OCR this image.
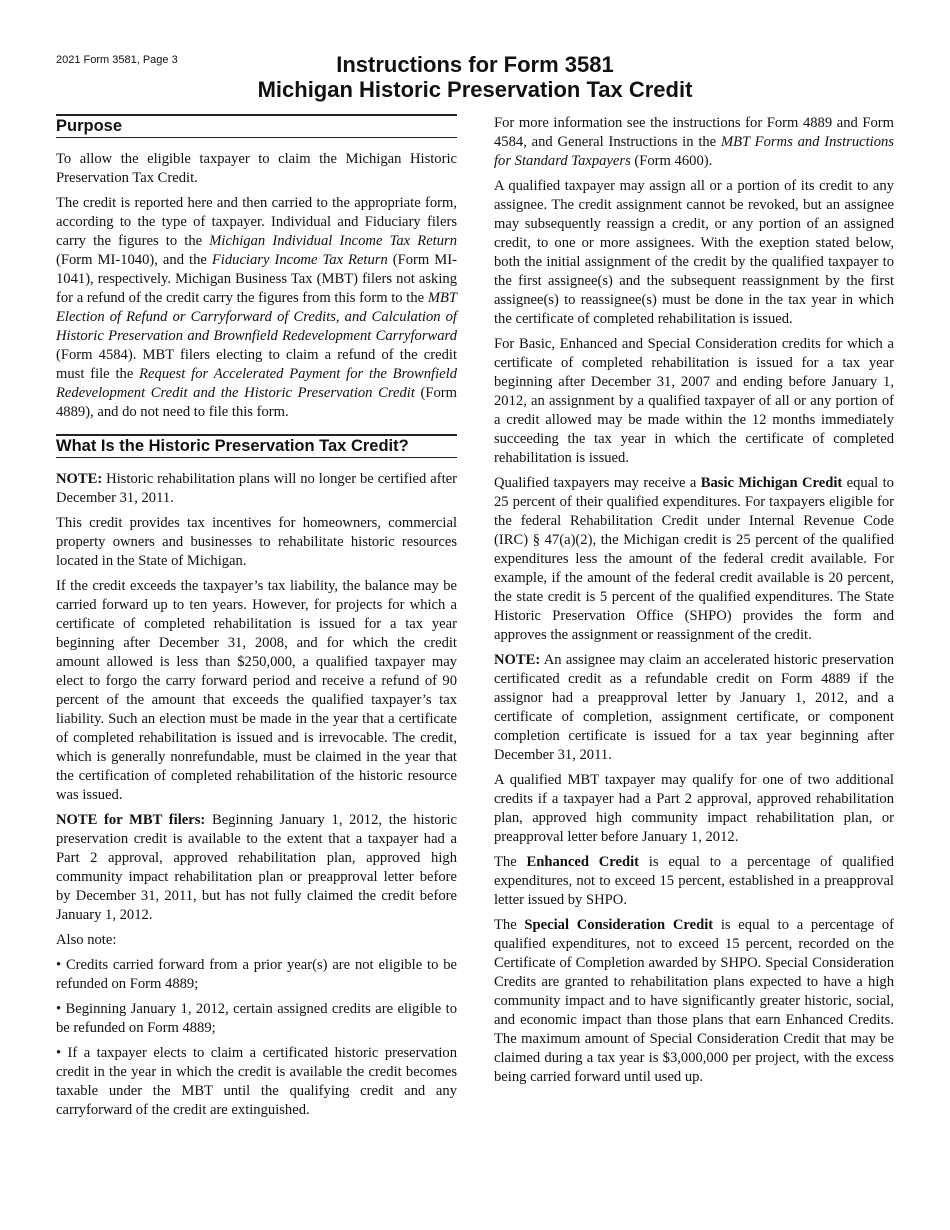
2021 Form 3581, Page 3	Instructions for Form 3581
Michigan Historic Preservation Tax Credit
Purpose

To allow the eligible taxpayer to claim the Michigan Historic Preservation Tax Credit.

The credit is reported here and then carried to the appropriate form, according to the type of taxpayer. Individual and Fiduciary filers carry the figures to the Michigan Individual Income Tax Return (Form MI-1040), and the Fiduciary Income Tax Return (Form MI-1041), respectively. Michigan Business Tax (MBT) filers not asking for a refund of the credit carry the figures from this form to the MBT Election of Refund or Carryforward of Credits, and Calculation of Historic Preservation and Brownfield Redevelopment Carryforward (Form 4584). MBT filers electing to claim a refund of the credit must file the Request for Accelerated Payment for the Brownfield Redevelopment Credit and the Historic Preservation Credit (Form 4889), and do not need to file this form.

What Is the Historic Preservation Tax Credit?

NOTE: Historic rehabilitation plans will no longer be certified after December 31, 2011.

This credit provides tax incentives for homeowners, commercial property owners and businesses to rehabilitate historic resources located in the State of Michigan.

If the credit exceeds the taxpayer’s tax liability, the balance may be carried forward up to ten years. However, for projects for which a certificate of completed rehabilitation is issued for a tax year beginning after December 31, 2008, and for which the credit amount allowed is less than $250,000, a qualified taxpayer may elect to forgo the carry forward period and receive a refund of 90 percent of the amount that exceeds the qualified taxpayer’s tax liability. Such an election must be made in the year that a certificate of completed rehabilitation is issued and is irrevocable. The credit, which is generally nonrefundable, must be claimed in the year that the certification of completed rehabilitation of the historic resource was issued.

NOTE for MBT filers: Beginning January 1, 2012, the historic preservation credit is available to the extent that a taxpayer had a Part 2 approval, approved rehabilitation plan, approved high community impact rehabilitation plan or preapproval letter before by December 31, 2011, but has not fully claimed the credit before January 1, 2012.

Also note:

• Credits carried forward from a prior year(s) are not eligible to be refunded on Form 4889;

• Beginning January 1, 2012, certain assigned credits are eligible to be refunded on Form 4889;

• If a taxpayer elects to claim a certificated historic preservation credit in the year in which the credit is available the credit becomes taxable under the MBT until the qualifying credit and any carryforward of the credit are extinguished.

For more information see the instructions for Form 4889 and Form 4584, and General Instructions in the MBT Forms and Instructions for Standard Taxpayers (Form 4600).

A qualified taxpayer may assign all or a portion of its credit to any assignee. The credit assignment cannot be revoked, but an assignee may subsequently reassign a credit, or any portion of an assigned credit, to one or more assignees. With the exeption stated below, both the initial assignment of the credit by the qualified taxpayer to the first assignee(s) and the subsequent reassignment by the first assignee(s) to reassignee(s) must be done in the tax year in which the certificate of completed rehabilitation is issued.

For Basic, Enhanced and Special Consideration credits for which a certificate of completed rehabilitation is issued for a tax year beginning after December 31, 2007 and ending before January 1, 2012, an assignment by a qualified taxpayer of all or any portion of a credit allowed may be made within the 12 months immediately succeeding the tax year in which the certificate of completed rehabilitation is issued.

Qualified taxpayers may receive a Basic Michigan Credit equal to 25 percent of their qualified expenditures. For taxpayers eligible for the federal Rehabilitation Credit under Internal Revenue Code (IRC) § 47(a)(2), the Michigan credit is 25 percent of the qualified expenditures less the amount of the federal credit available. For example, if the amount of the federal credit available is 20 percent, the state credit is 5 percent of the qualified expenditures. The State Historic Preservation Office (SHPO) provides the form and approves the assignment or reassignment of the credit.

NOTE: An assignee may claim an accelerated historic preservation certificated credit as a refundable credit on Form 4889 if the assignor had a preapproval letter by January 1, 2012, and a certificate of completion, assignment certificate, or component completion certificate is issued for a tax year beginning after December 31, 2011.

A qualified MBT taxpayer may qualify for one of two additional credits if a taxpayer had a Part 2 approval, approved rehabilitation plan, approved high community impact rehabilitation plan, or preapproval letter before January 1, 2012.

The Enhanced Credit is equal to a percentage of qualified expenditures, not to exceed 15 percent, established in a preapproval letter issued by SHPO.

The Special Consideration Credit is equal to a percentage of qualified expenditures, not to exceed 15 percent, recorded on the Certificate of Completion awarded by SHPO. Special Consideration Credits are granted to rehabilitation plans expected to have a high community impact and to have significantly greater historic, social, and economic impact than those plans that earn Enhanced Credits. The maximum amount of Special Consideration Credit that may be claimed during a tax year is $3,000,000 per project, with the excess being carried forward until used up.
